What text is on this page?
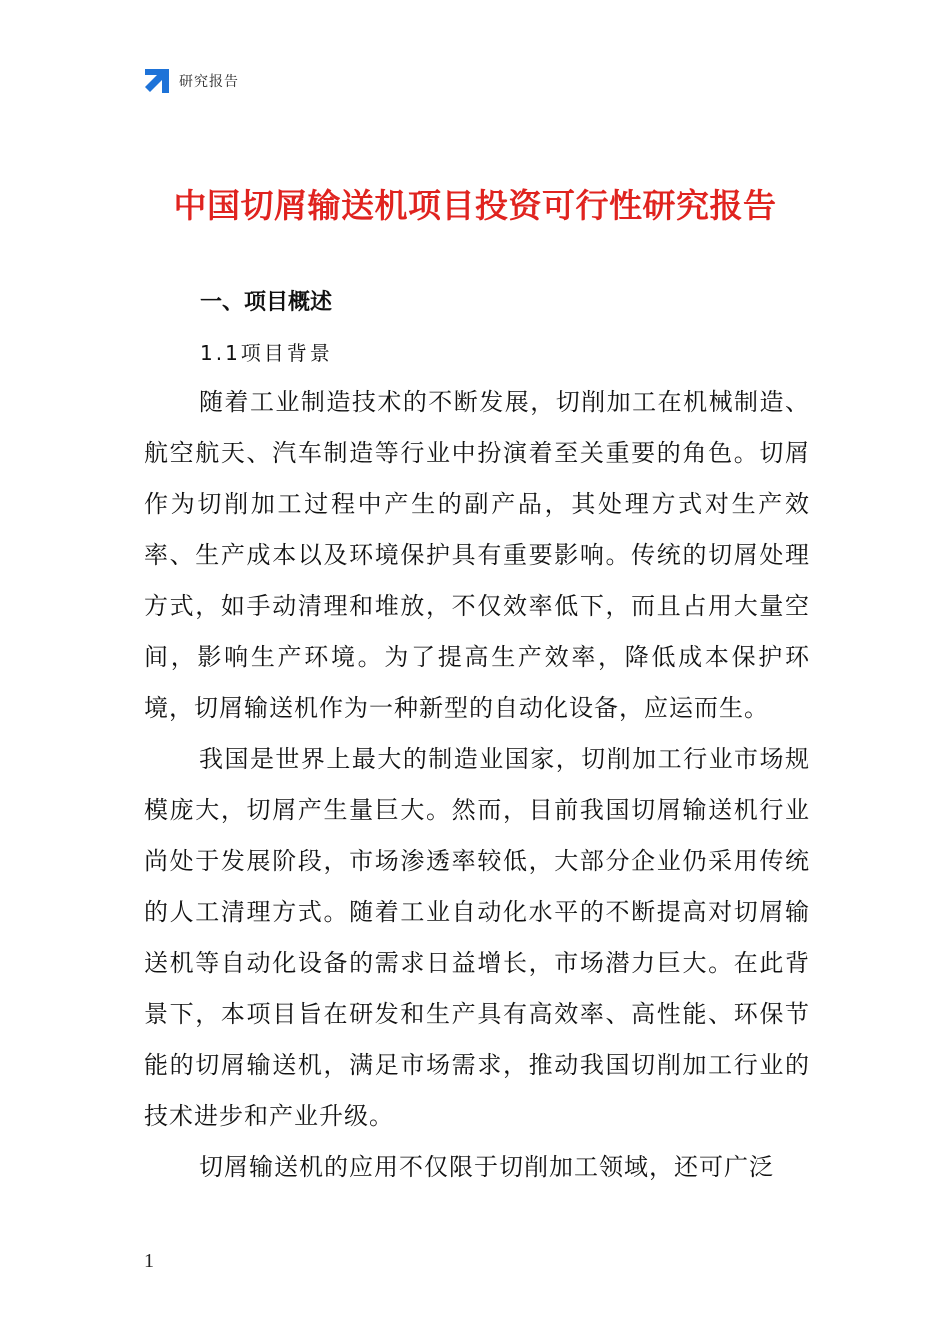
研究报告
中国切屑输送机项目投资可行性研究报告
一、项目概述
1.1项目背景

随着工业制造技术的不断发展，切削加工在机械制造、航空航天、汽车制造等行业中扮演着至关重要的角色。切屑作为切削加工过程中产生的副产品，其处理方式对生产效率、生产成本以及环境保护具有重要影响。传统的切屑处理方式，如手动清理和堆放，不仅效率低下，而且占用大量空间，影响生产环境。为了提高生产效率，降低成本保护环境，切屑输送机作为一种新型的自动化设备，应运而生。

我国是世界上最大的制造业国家，切削加工行业市场规模庞大，切屑产生量巨大。然而，目前我国切屑输送机行业尚处于发展阶段，市场渗透率较低，大部分企业仍采用传统的人工清理方式。随着工业自动化水平的不断提高对切屑输送机等自动化设备的需求日益增长，市场潜力巨大。在此背景下，本项目旨在研发和生产具有高效率、高性能、环保节能的切屑输送机，满足市场需求，推动我国切削加工行业的技术进步和产业升级。

切屑输送机的应用不仅限于切削加工领域，还可广泛

1
